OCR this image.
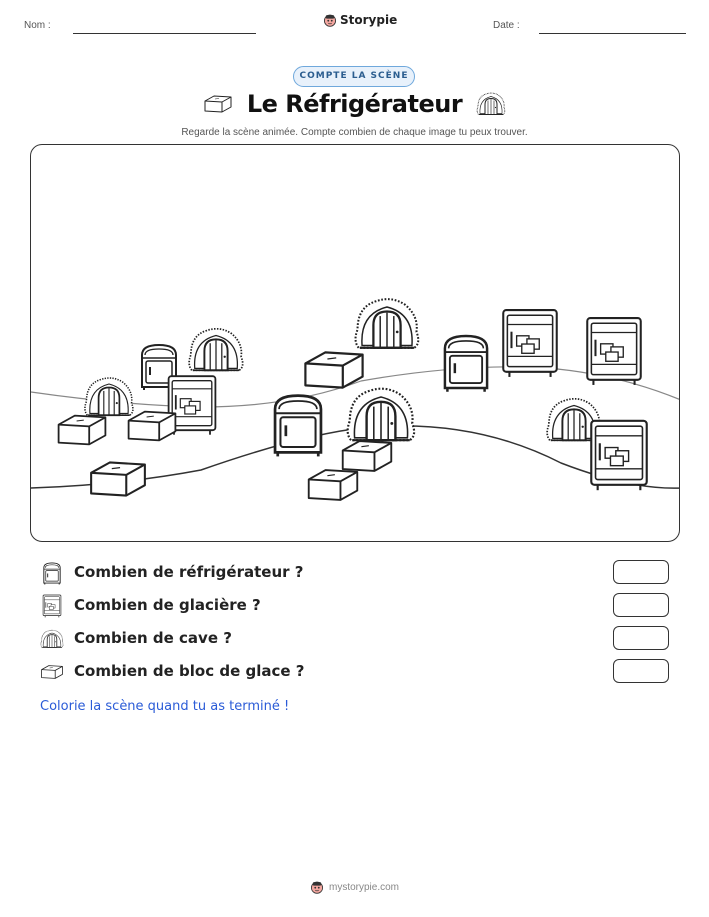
Nom :	Storypie	Date :
COMPTE LA SCÈNE
Le Réfrigérateur
Regarde la scène animée. Compte combien de chaque image tu peux trouver.
Combien de réfrigérateur ?
Combien de glacière ?
Combien de cave ?
Combien de bloc de glace ?
Colorie la scène quand tu as terminé !
mystorypie.com
